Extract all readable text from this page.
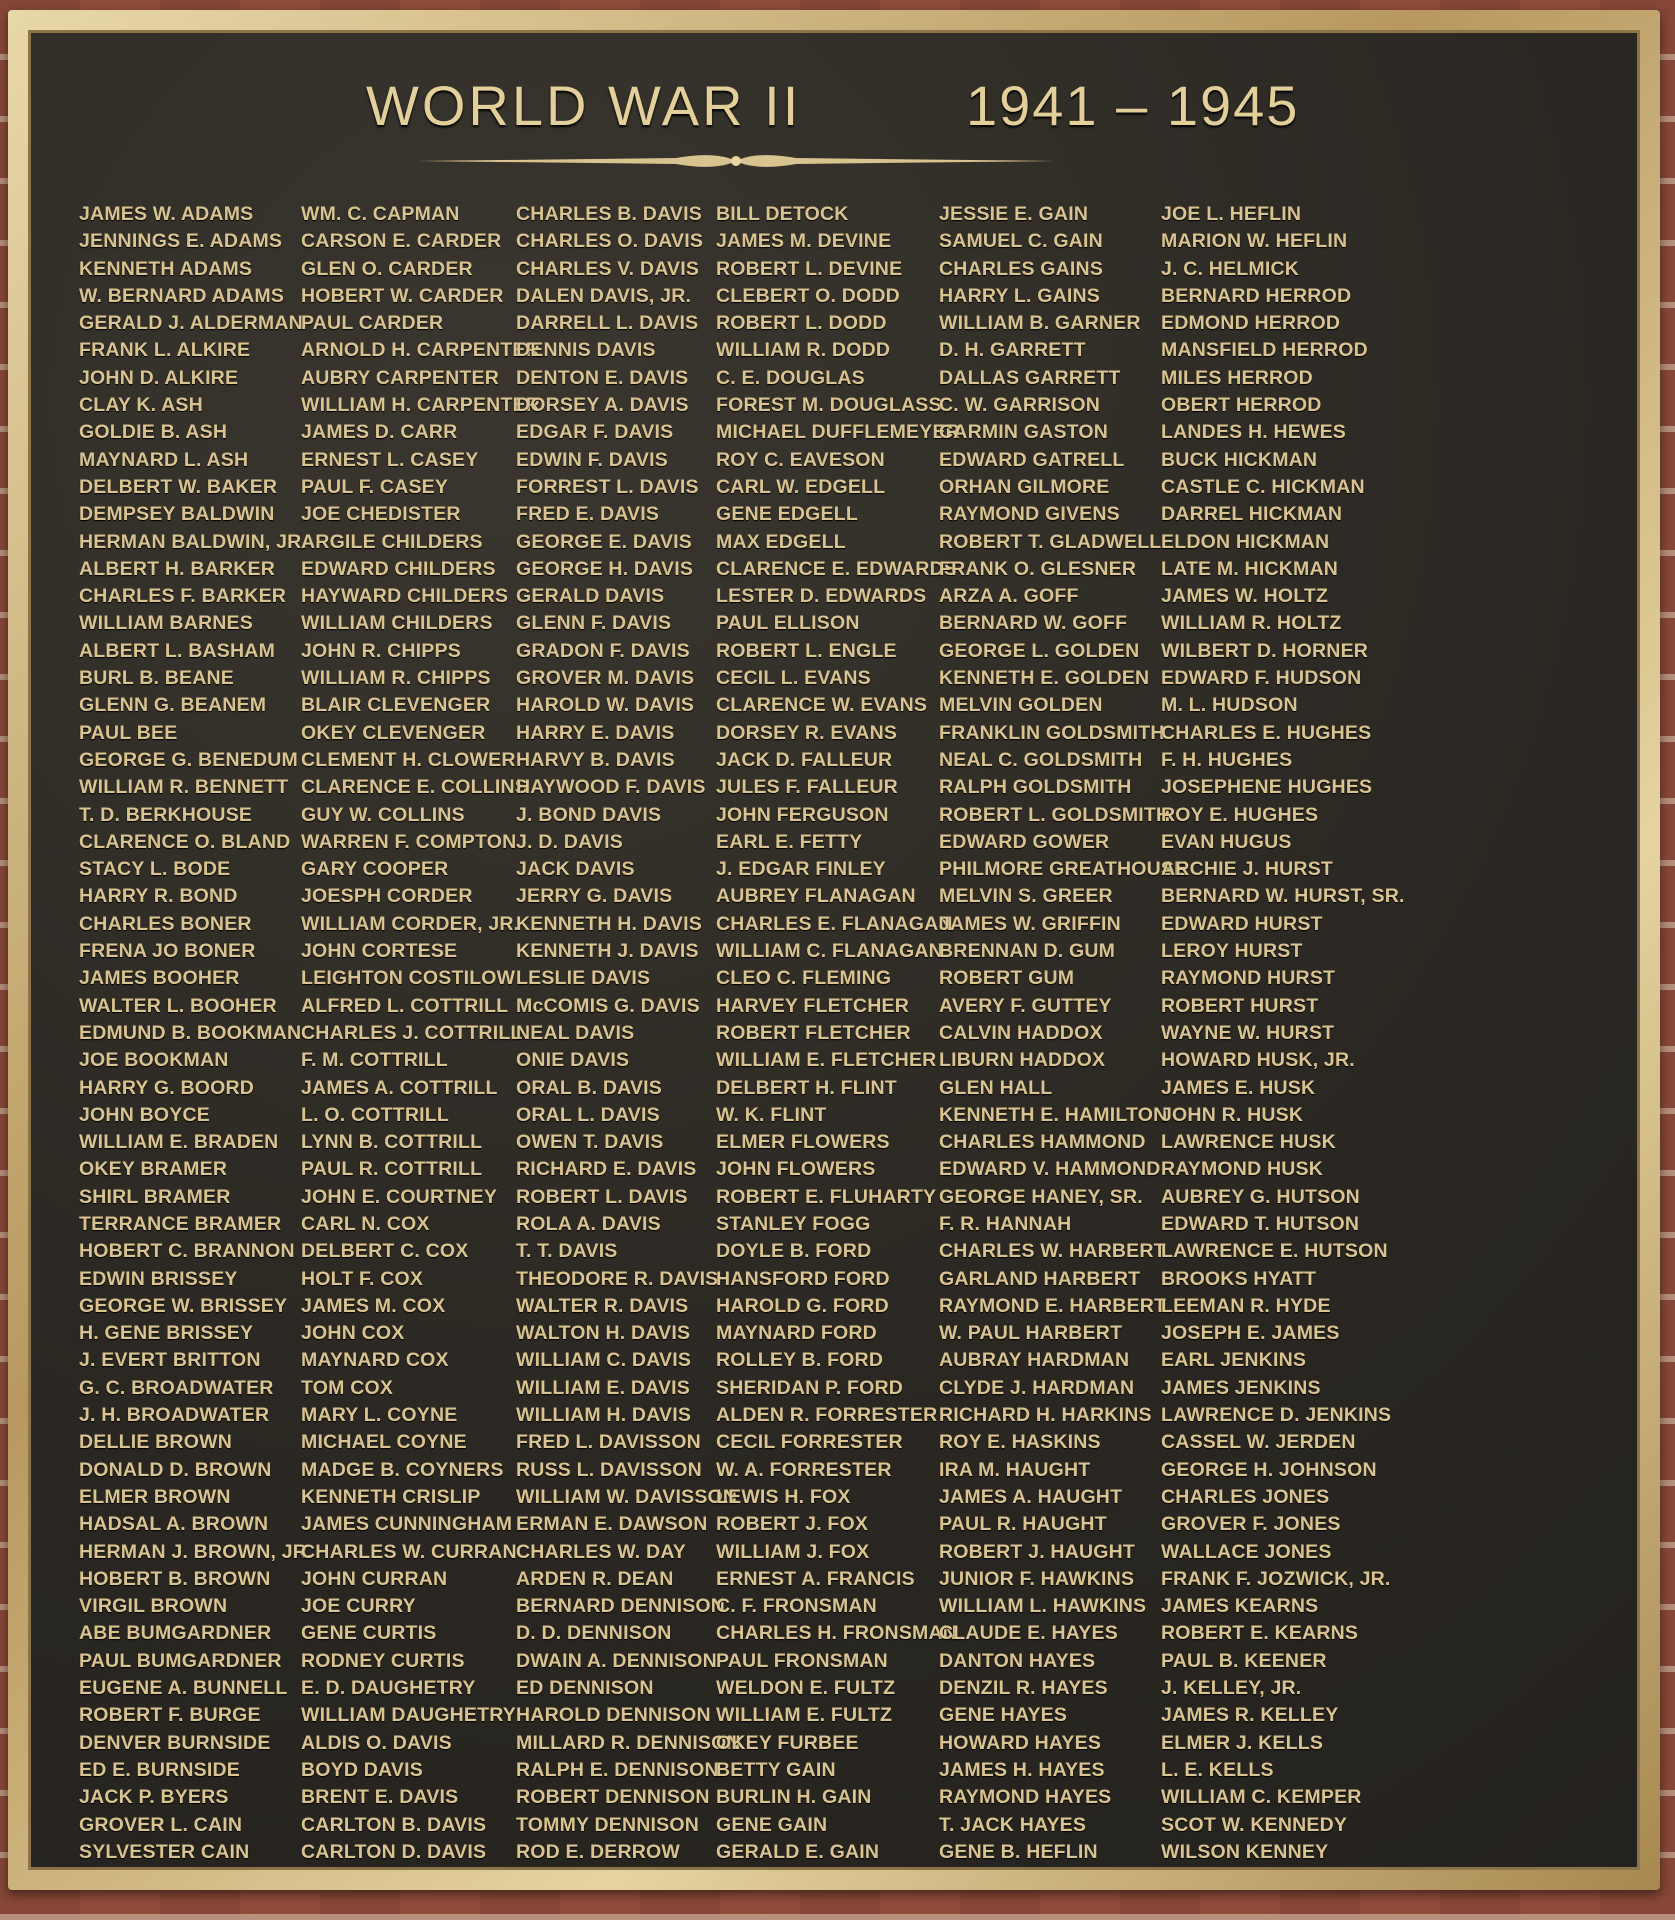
WORLD WAR II	1941 – 1945
JAMES W. ADAMS
JENNINGS E. ADAMS
KENNETH ADAMS
W. BERNARD ADAMS
GERALD J. ALDERMAN
FRANK L. ALKIRE
JOHN D. ALKIRE
CLAY K. ASH
GOLDIE B. ASH
MAYNARD L. ASH
DELBERT W. BAKER
DEMPSEY BALDWIN
HERMAN BALDWIN, JR.
ALBERT H. BARKER
CHARLES F. BARKER
WILLIAM BARNES
ALBERT L. BASHAM
BURL B. BEANE
GLENN G. BEANEM
PAUL BEE
GEORGE G. BENEDUM
WILLIAM R. BENNETT
T. D. BERKHOUSE
CLARENCE O. BLAND
STACY L. BODE
HARRY R. BOND
CHARLES BONER
FRENA JO BONER
JAMES BOOHER
WALTER L. BOOHER
EDMUND B. BOOKMAN
JOE BOOKMAN
HARRY G. BOORD
JOHN BOYCE
WILLIAM E. BRADEN
OKEY BRAMER
SHIRL BRAMER
TERRANCE BRAMER
HOBERT C. BRANNON
EDWIN BRISSEY
GEORGE W. BRISSEY
H. GENE BRISSEY
J. EVERT BRITTON
G. C. BROADWATER
J. H. BROADWATER
DELLIE BROWN
DONALD D. BROWN
ELMER BROWN
HADSAL A. BROWN
HERMAN J. BROWN, JR.
HOBERT B. BROWN
VIRGIL BROWN
ABE BUMGARDNER
PAUL BUMGARDNER
EUGENE A. BUNNELL
ROBERT F. BURGE
DENVER BURNSIDE
ED E. BURNSIDE
JACK P. BYERS
GROVER L. CAIN
SYLVESTER CAIN
WM. C. CAPMAN
CARSON E. CARDER
GLEN O. CARDER
HOBERT W. CARDER
PAUL CARDER
ARNOLD H. CARPENTER
AUBRY CARPENTER
WILLIAM H. CARPENTER
JAMES D. CARR
ERNEST L. CASEY
PAUL F. CASEY
JOE CHEDISTER
ARGILE CHILDERS
EDWARD CHILDERS
HAYWARD CHILDERS
WILLIAM CHILDERS
JOHN R. CHIPPS
WILLIAM R. CHIPPS
BLAIR CLEVENGER
OKEY CLEVENGER
CLEMENT H. CLOWER
CLARENCE E. COLLINS
GUY W. COLLINS
WARREN F. COMPTON
GARY COOPER
JOESPH CORDER
WILLIAM CORDER, JR.
JOHN CORTESE
LEIGHTON COSTILOW
ALFRED L. COTTRILL
CHARLES J. COTTRILL
F. M. COTTRILL
JAMES A. COTTRILL
L. O. COTTRILL
LYNN B. COTTRILL
PAUL R. COTTRILL
JOHN E. COURTNEY
CARL N. COX
DELBERT C. COX
HOLT F. COX
JAMES M. COX
JOHN COX
MAYNARD COX
TOM COX
MARY L. COYNE
MICHAEL COYNE
MADGE B. COYNERS
KENNETH CRISLIP
JAMES CUNNINGHAM
CHARLES W. CURRAN
JOHN CURRAN
JOE CURRY
GENE CURTIS
RODNEY CURTIS
E. D. DAUGHETRY
WILLIAM DAUGHETRY
ALDIS O. DAVIS
BOYD DAVIS
BRENT E. DAVIS
CARLTON B. DAVIS
CARLTON D. DAVIS
CHARLES B. DAVIS
CHARLES O. DAVIS
CHARLES V. DAVIS
DALEN DAVIS, JR.
DARRELL L. DAVIS
DENNIS DAVIS
DENTON E. DAVIS
DORSEY A. DAVIS
EDGAR F. DAVIS
EDWIN F. DAVIS
FORREST L. DAVIS
FRED E. DAVIS
GEORGE E. DAVIS
GEORGE H. DAVIS
GERALD DAVIS
GLENN F. DAVIS
GRADON F. DAVIS
GROVER M. DAVIS
HAROLD W. DAVIS
HARRY E. DAVIS
HARVY B. DAVIS
HAYWOOD F. DAVIS
J. BOND DAVIS
J. D. DAVIS
JACK DAVIS
JERRY G. DAVIS
KENNETH H. DAVIS
KENNETH J. DAVIS
LESLIE DAVIS
McCOMIS G. DAVIS
NEAL DAVIS
ONIE DAVIS
ORAL B. DAVIS
ORAL L. DAVIS
OWEN T. DAVIS
RICHARD E. DAVIS
ROBERT L. DAVIS
ROLA A. DAVIS
T. T. DAVIS
THEODORE R. DAVIS
WALTER R. DAVIS
WALTON H. DAVIS
WILLIAM C. DAVIS
WILLIAM E. DAVIS
WILLIAM H. DAVIS
FRED L. DAVISSON
RUSS L. DAVISSON
WILLIAM W. DAVISSON
ERMAN E. DAWSON
CHARLES W. DAY
ARDEN R. DEAN
BERNARD DENNISON
D. D. DENNISON
DWAIN A. DENNISON
ED DENNISON
HAROLD DENNISON
MILLARD R. DENNISON
RALPH E. DENNISON
ROBERT DENNISON
TOMMY DENNISON
ROD E. DERROW
BILL DETOCK
JAMES M. DEVINE
ROBERT L. DEVINE
CLEBERT O. DODD
ROBERT L. DODD
WILLIAM R. DODD
C. E. DOUGLAS
FOREST M. DOUGLASS
MICHAEL DUFFLEMEYER
ROY C. EAVESON
CARL W. EDGELL
GENE EDGELL
MAX EDGELL
CLARENCE E. EDWARDS
LESTER D. EDWARDS
PAUL ELLISON
ROBERT L. ENGLE
CECIL L. EVANS
CLARENCE W. EVANS
DORSEY R. EVANS
JACK D. FALLEUR
JULES F. FALLEUR
JOHN FERGUSON
EARL E. FETTY
J. EDGAR FINLEY
AUBREY FLANAGAN
CHARLES E. FLANAGAN
WILLIAM C. FLANAGAN
CLEO C. FLEMING
HARVEY FLETCHER
ROBERT FLETCHER
WILLIAM E. FLETCHER
DELBERT H. FLINT
W. K. FLINT
ELMER FLOWERS
JOHN FLOWERS
ROBERT E. FLUHARTY
STANLEY FOGG
DOYLE B. FORD
HANSFORD FORD
HAROLD G. FORD
MAYNARD FORD
ROLLEY B. FORD
SHERIDAN P. FORD
ALDEN R. FORRESTER
CECIL FORRESTER
W. A. FORRESTER
LEWIS H. FOX
ROBERT J. FOX
WILLIAM J. FOX
ERNEST A. FRANCIS
C. F. FRONSMAN
CHARLES H. FRONSMAN
PAUL FRONSMAN
WELDON E. FULTZ
WILLIAM E. FULTZ
OKEY FURBEE
BETTY GAIN
BURLIN H. GAIN
GENE GAIN
GERALD E. GAIN
JESSIE E. GAIN
SAMUEL C. GAIN
CHARLES GAINS
HARRY L. GAINS
WILLIAM B. GARNER
D. H. GARRETT
DALLAS GARRETT
C. W. GARRISON
CARMIN GASTON
EDWARD GATRELL
ORHAN GILMORE
RAYMOND GIVENS
ROBERT T. GLADWELL
FRANK O. GLESNER
ARZA A. GOFF
BERNARD W. GOFF
GEORGE L. GOLDEN
KENNETH E. GOLDEN
MELVIN GOLDEN
FRANKLIN GOLDSMITH
NEAL C. GOLDSMITH
RALPH GOLDSMITH
ROBERT L. GOLDSMITH
EDWARD GOWER
PHILMORE GREATHOUSE
MELVIN S. GREER
JAMES W. GRIFFIN
BRENNAN D. GUM
ROBERT GUM
AVERY F. GUTTEY
CALVIN HADDOX
LIBURN HADDOX
GLEN HALL
KENNETH E. HAMILTON
CHARLES HAMMOND
EDWARD V. HAMMOND
GEORGE HANEY, SR.
F. R. HANNAH
CHARLES W. HARBERT
GARLAND HARBERT
RAYMOND E. HARBERT
W. PAUL HARBERT
AUBRAY HARDMAN
CLYDE J. HARDMAN
RICHARD H. HARKINS
ROY E. HASKINS
IRA M. HAUGHT
JAMES A. HAUGHT
PAUL R. HAUGHT
ROBERT J. HAUGHT
JUNIOR F. HAWKINS
WILLIAM L. HAWKINS
CLAUDE E. HAYES
DANTON HAYES
DENZIL R. HAYES
GENE HAYES
HOWARD HAYES
JAMES H. HAYES
RAYMOND HAYES
T. JACK HAYES
GENE B. HEFLIN
JOE L. HEFLIN
MARION W. HEFLIN
J. C. HELMICK
BERNARD HERROD
EDMOND HERROD
MANSFIELD HERROD
MILES HERROD
OBERT HERROD
LANDES H. HEWES
BUCK HICKMAN
CASTLE C. HICKMAN
DARREL HICKMAN
ELDON HICKMAN
LATE M. HICKMAN
JAMES W. HOLTZ
WILLIAM R. HOLTZ
WILBERT D. HORNER
EDWARD F. HUDSON
M. L. HUDSON
CHARLES E. HUGHES
F. H. HUGHES
JOSEPHENE HUGHES
ROY E. HUGHES
EVAN HUGUS
ARCHIE J. HURST
BERNARD W. HURST, SR.
EDWARD HURST
LEROY HURST
RAYMOND HURST
ROBERT HURST
WAYNE W. HURST
HOWARD HUSK, JR.
JAMES E. HUSK
JOHN R. HUSK
LAWRENCE HUSK
RAYMOND HUSK
AUBREY G. HUTSON
EDWARD T. HUTSON
LAWRENCE E. HUTSON
BROOKS HYATT
LEEMAN R. HYDE
JOSEPH E. JAMES
EARL JENKINS
JAMES JENKINS
LAWRENCE D. JENKINS
CASSEL W. JERDEN
GEORGE H. JOHNSON
CHARLES JONES
GROVER F. JONES
WALLACE JONES
FRANK F. JOZWICK, JR.
JAMES KEARNS
ROBERT E. KEARNS
PAUL B. KEENER
J. KELLEY, JR.
JAMES R. KELLEY
ELMER J. KELLS
L. E. KELLS
WILLIAM C. KEMPER
SCOT W. KENNEDY
WILSON KENNEY
